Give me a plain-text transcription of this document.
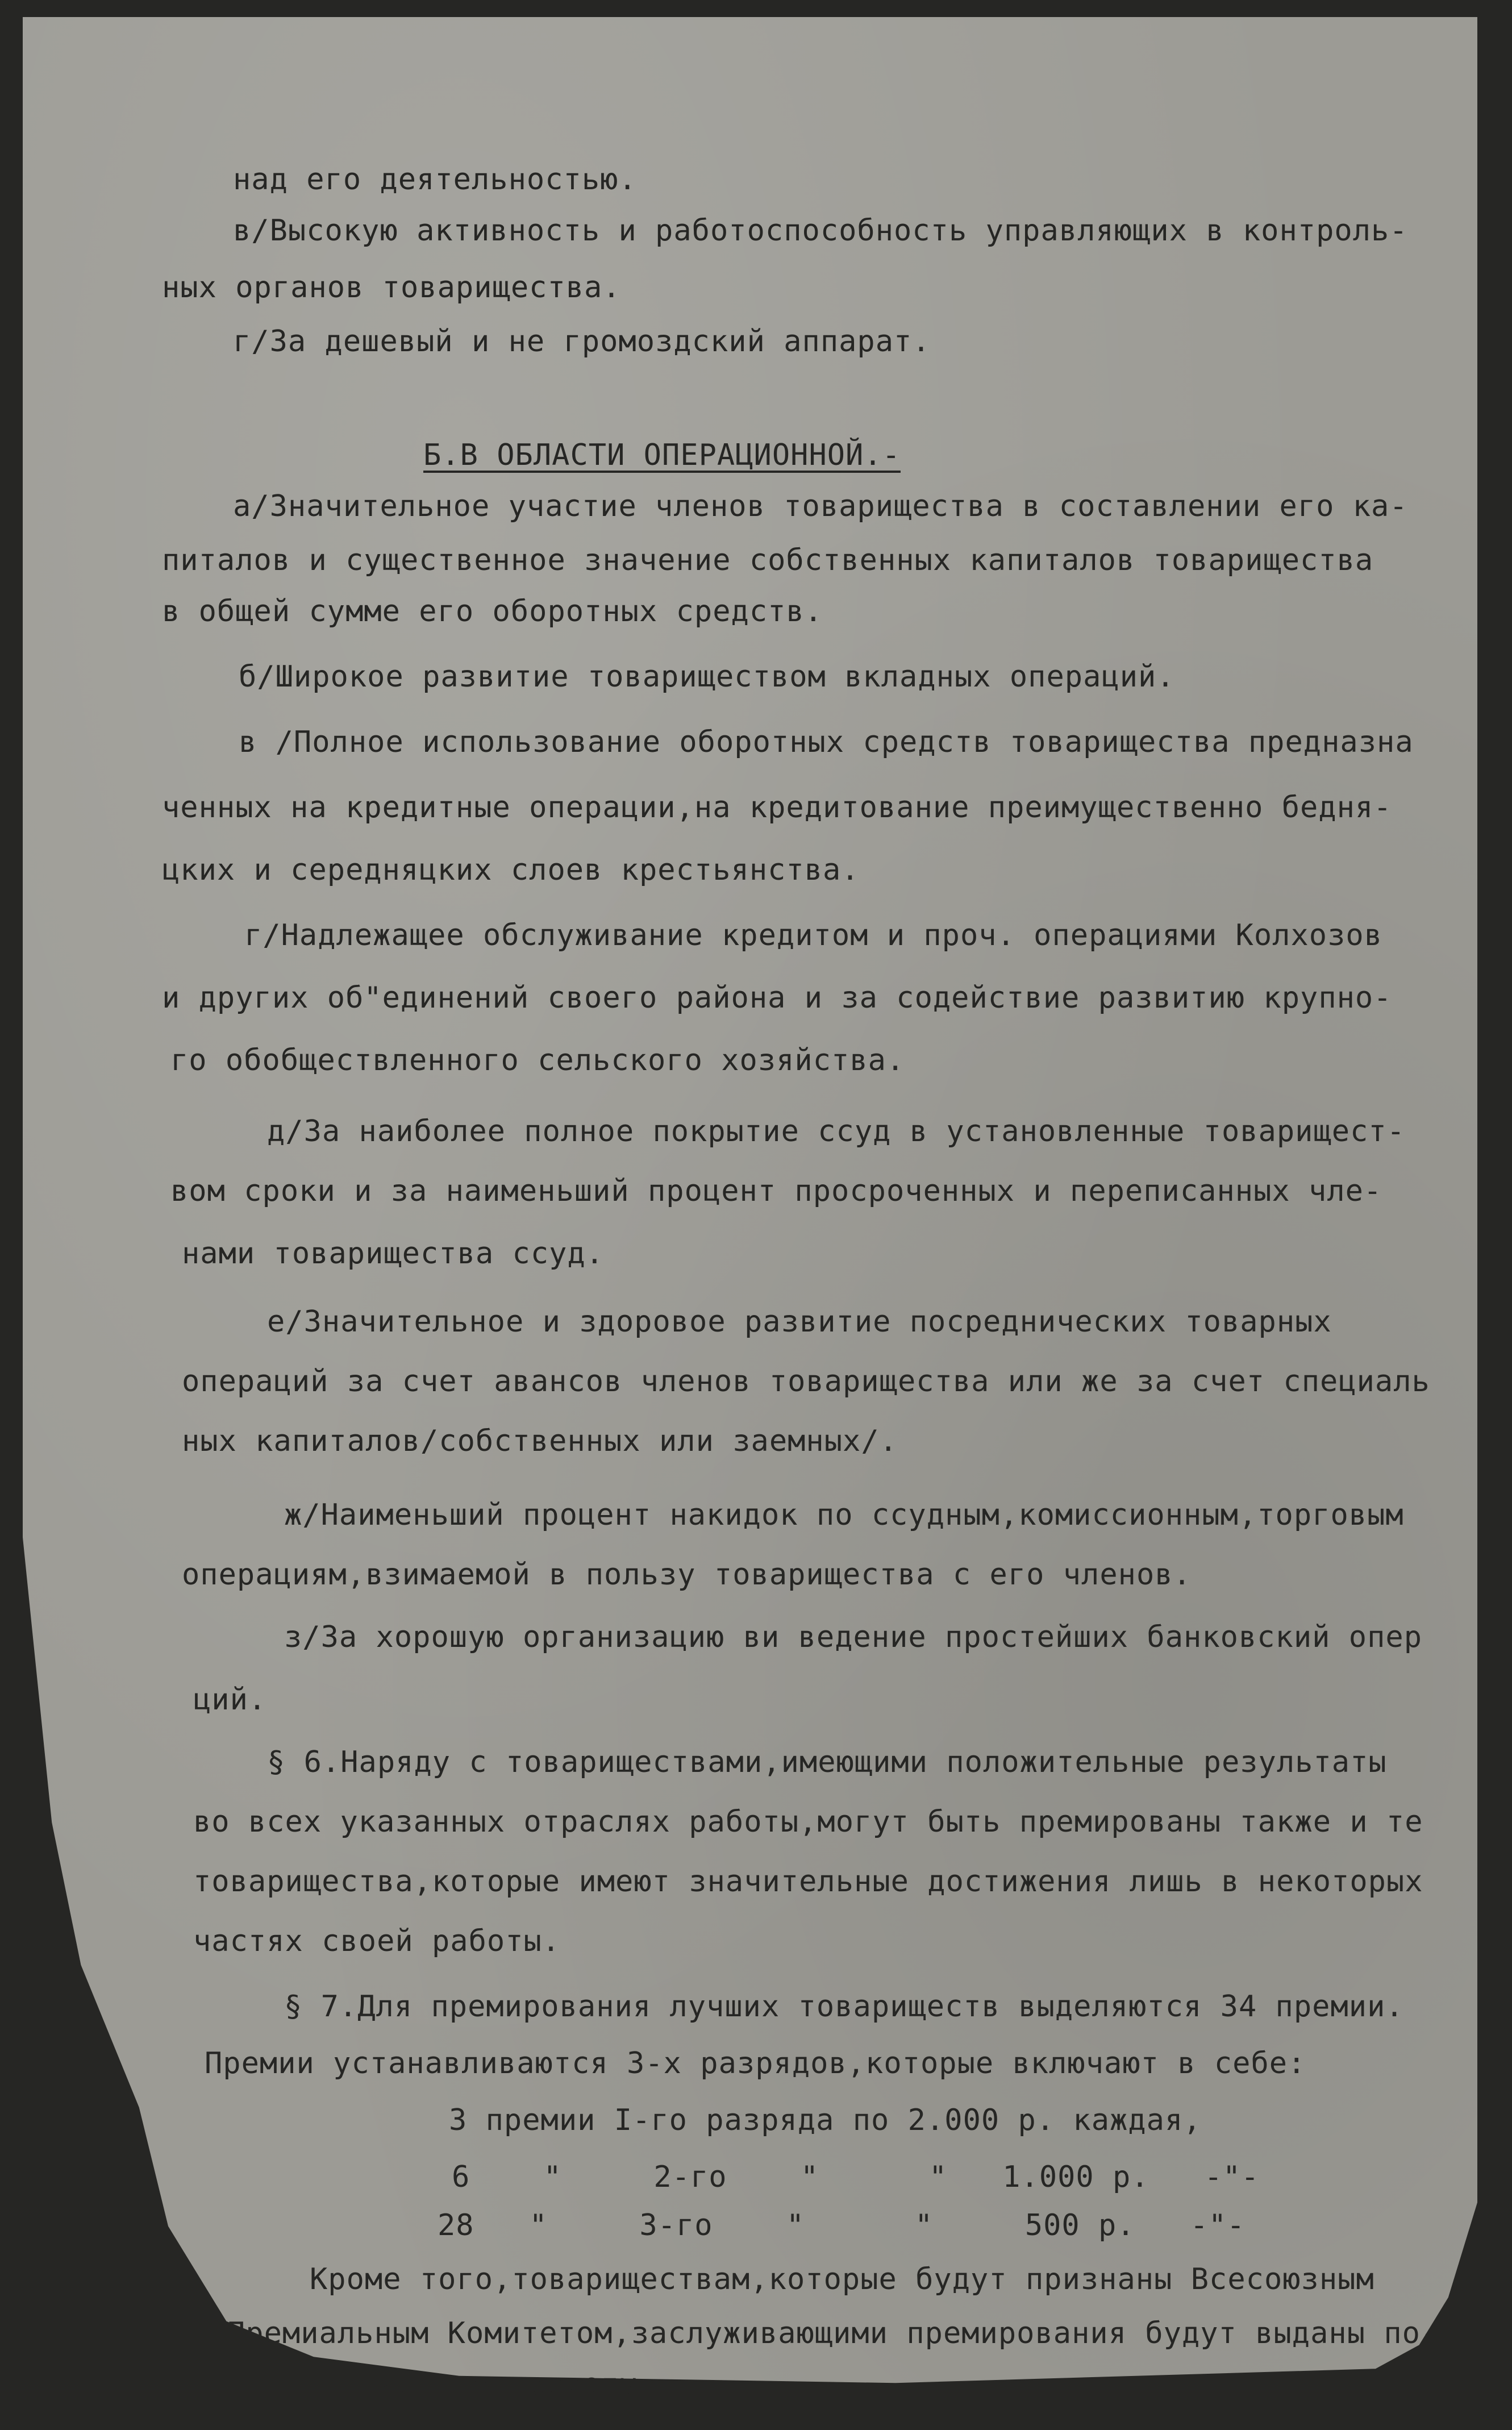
над его деятельностью.
в/Высокую активность и работоспособность управляющих в контроль-
ных органов товарищества.
г/За дешевый и не громоздский аппарат.
Б.В ОБЛАСТИ ОПЕРАЦИОННОЙ.-
а/Значительное участие членов товарищества в составлении его ка-
питалов и существенное значение собственных капиталов товарищества
в общей сумме его оборотных средств.
б/Широкое развитие товариществом вкладных операций.
в /Полное использование оборотных средств товарищества предназна
ченных на кредитные операции,на кредитование преимущественно бедня-
цких и середняцких слоев крестьянства.
г/Надлежащее обслуживание кредитом и проч. операциями Колхозов
и других об"единений своего района и за содействие развитию крупно-
го обобществленного сельского хозяйства.
д/За наиболее полное покрытие ссуд в установленные товарищест-
вом сроки и за наименьший процент просроченных и переписанных чле-
нами товарищества ссуд.
е/Значительное и здоровое развитие посреднических товарных
операций за счет авансов членов товарищества или же за счет специаль
ных капиталов/собственных или заемных/.
ж/Наименьший процент накидок по ссудным,комиссионным,торговым
операциям,взимаемой в пользу товарищества с его членов.
з/За хорошую организацию ви ведение простейших банковский опер
ций.
§ 6.Наряду с товариществами,имеющими положительные результаты
во всех указанных отраслях работы,могут быть премированы также и те
товарищества,которые имеют значительные достижения лишь в некоторых
частях своей работы.
§ 7.Для премирования лучших товариществ выделяются 34 премии.
Премии устанавливаются 3-х разрядов,которые включают в себе:
3 премии I-го разряда по 2.000 р. каждая,
6    "     2-го    "      "   1.000 р.   -"-
28   "     3-го    "      "     500 р.   -"-
Кроме того,товариществам,которые будут признаны Всесоюзным
Премиальным Комитетом,заслуживающими премирования будут выданы по-
четные грамоты.
